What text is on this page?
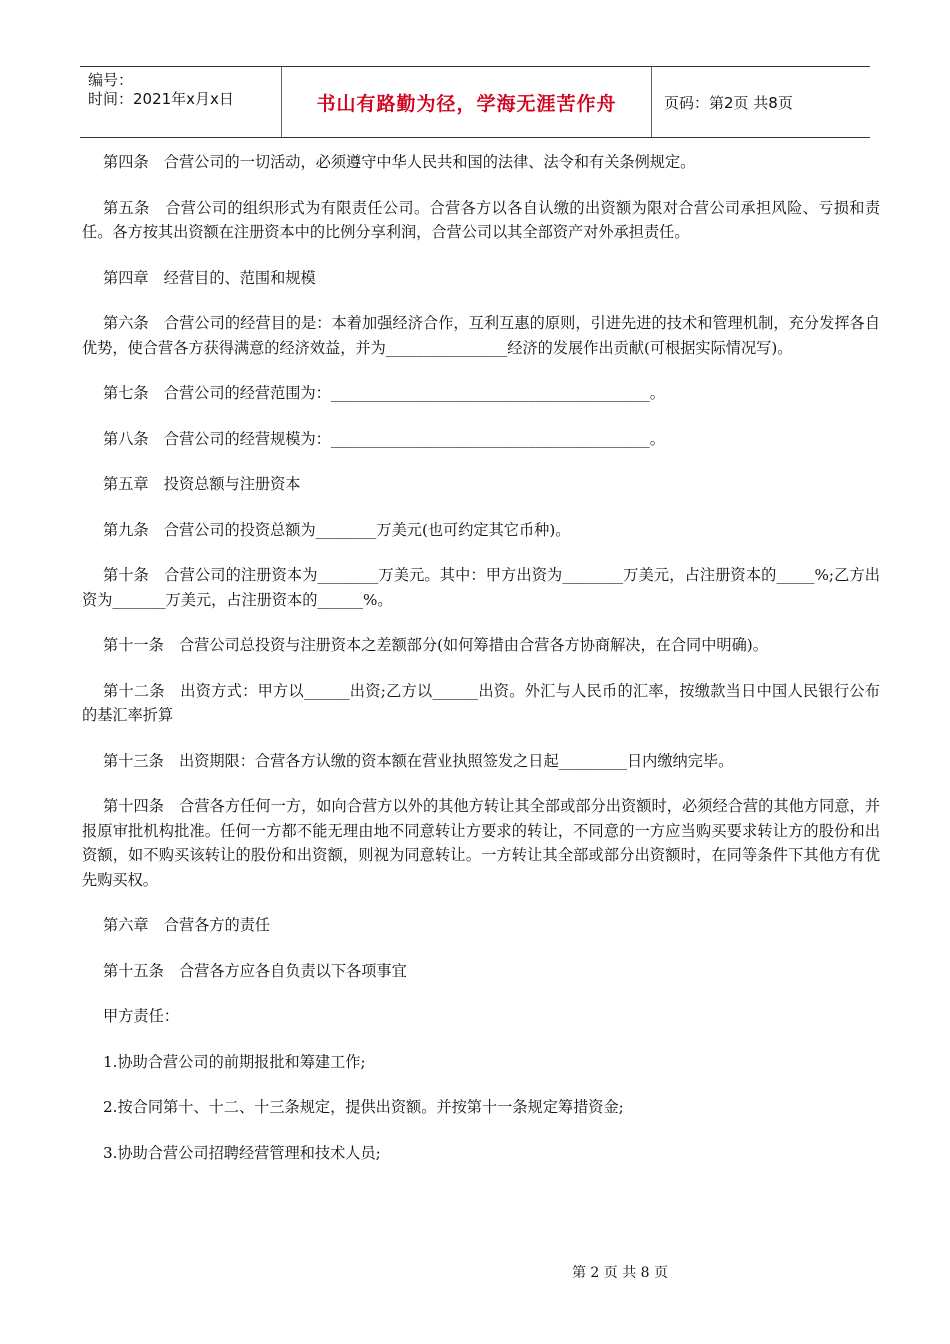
编号：
时间：2021年x月x日	书山有路勤为径，学海无涯苦作舟	页码：第2页 共8页

第四条　合营公司的一切活动，必须遵守中华人民共和国的法律、法令和有关条例规定。

第五条　合营公司的组织形式为有限责任公司。合营各方以各自认缴的出资额为限对合营公司承担风险、亏损和责任。各方按其出资额在注册资本中的比例分享利润，合营公司以其全部资产对外承担责任。

第四章　经营目的、范围和规模

第六条　合营公司的经营目的是：本着加强经济合作，互利互惠的原则，引进先进的技术和管理机制，充分发挥各自优势，使合营各方获得满意的经济效益，并为________________经济的发展作出贡献(可根据实际情况写)。

第七条　合营公司的经营范围为：__________________________________________。

第八条　合营公司的经营规模为：__________________________________________。

第五章　投资总额与注册资本

第九条　合营公司的投资总额为________万美元(也可约定其它币种)。

第十条　合营公司的注册资本为________万美元。其中：甲方出资为________万美元，占注册资本的_____%;乙方出资为_______万美元，占注册资本的______%。

第十一条　合营公司总投资与注册资本之差额部分(如何筹措由合营各方协商解决，在合同中明确)。

第十二条　出资方式：甲方以______出资;乙方以______出资。外汇与人民币的汇率，按缴款当日中国人民银行公布的基汇率折算

第十三条　出资期限：合营各方认缴的资本额在营业执照签发之日起_________日内缴纳完毕。

第十四条　合营各方任何一方，如向合营方以外的其他方转让其全部或部分出资额时，必须经合营的其他方同意，并报原审批机构批准。任何一方都不能无理由地不同意转让方要求的转让，不同意的一方应当购买要求转让方的股份和出资额，如不购买该转让的股份和出资额，则视为同意转让。一方转让其全部或部分出资额时，在同等条件下其他方有优先购买权。

第六章　合营各方的责任

第十五条　合营各方应各自负责以下各项事宜

甲方责任：

1.协助合营公司的前期报批和筹建工作;

2.按合同第十、十二、十三条规定，提供出资额。并按第十一条规定筹措资金;

3.协助合营公司招聘经营管理和技术人员;

第 2 页 共 8 页
